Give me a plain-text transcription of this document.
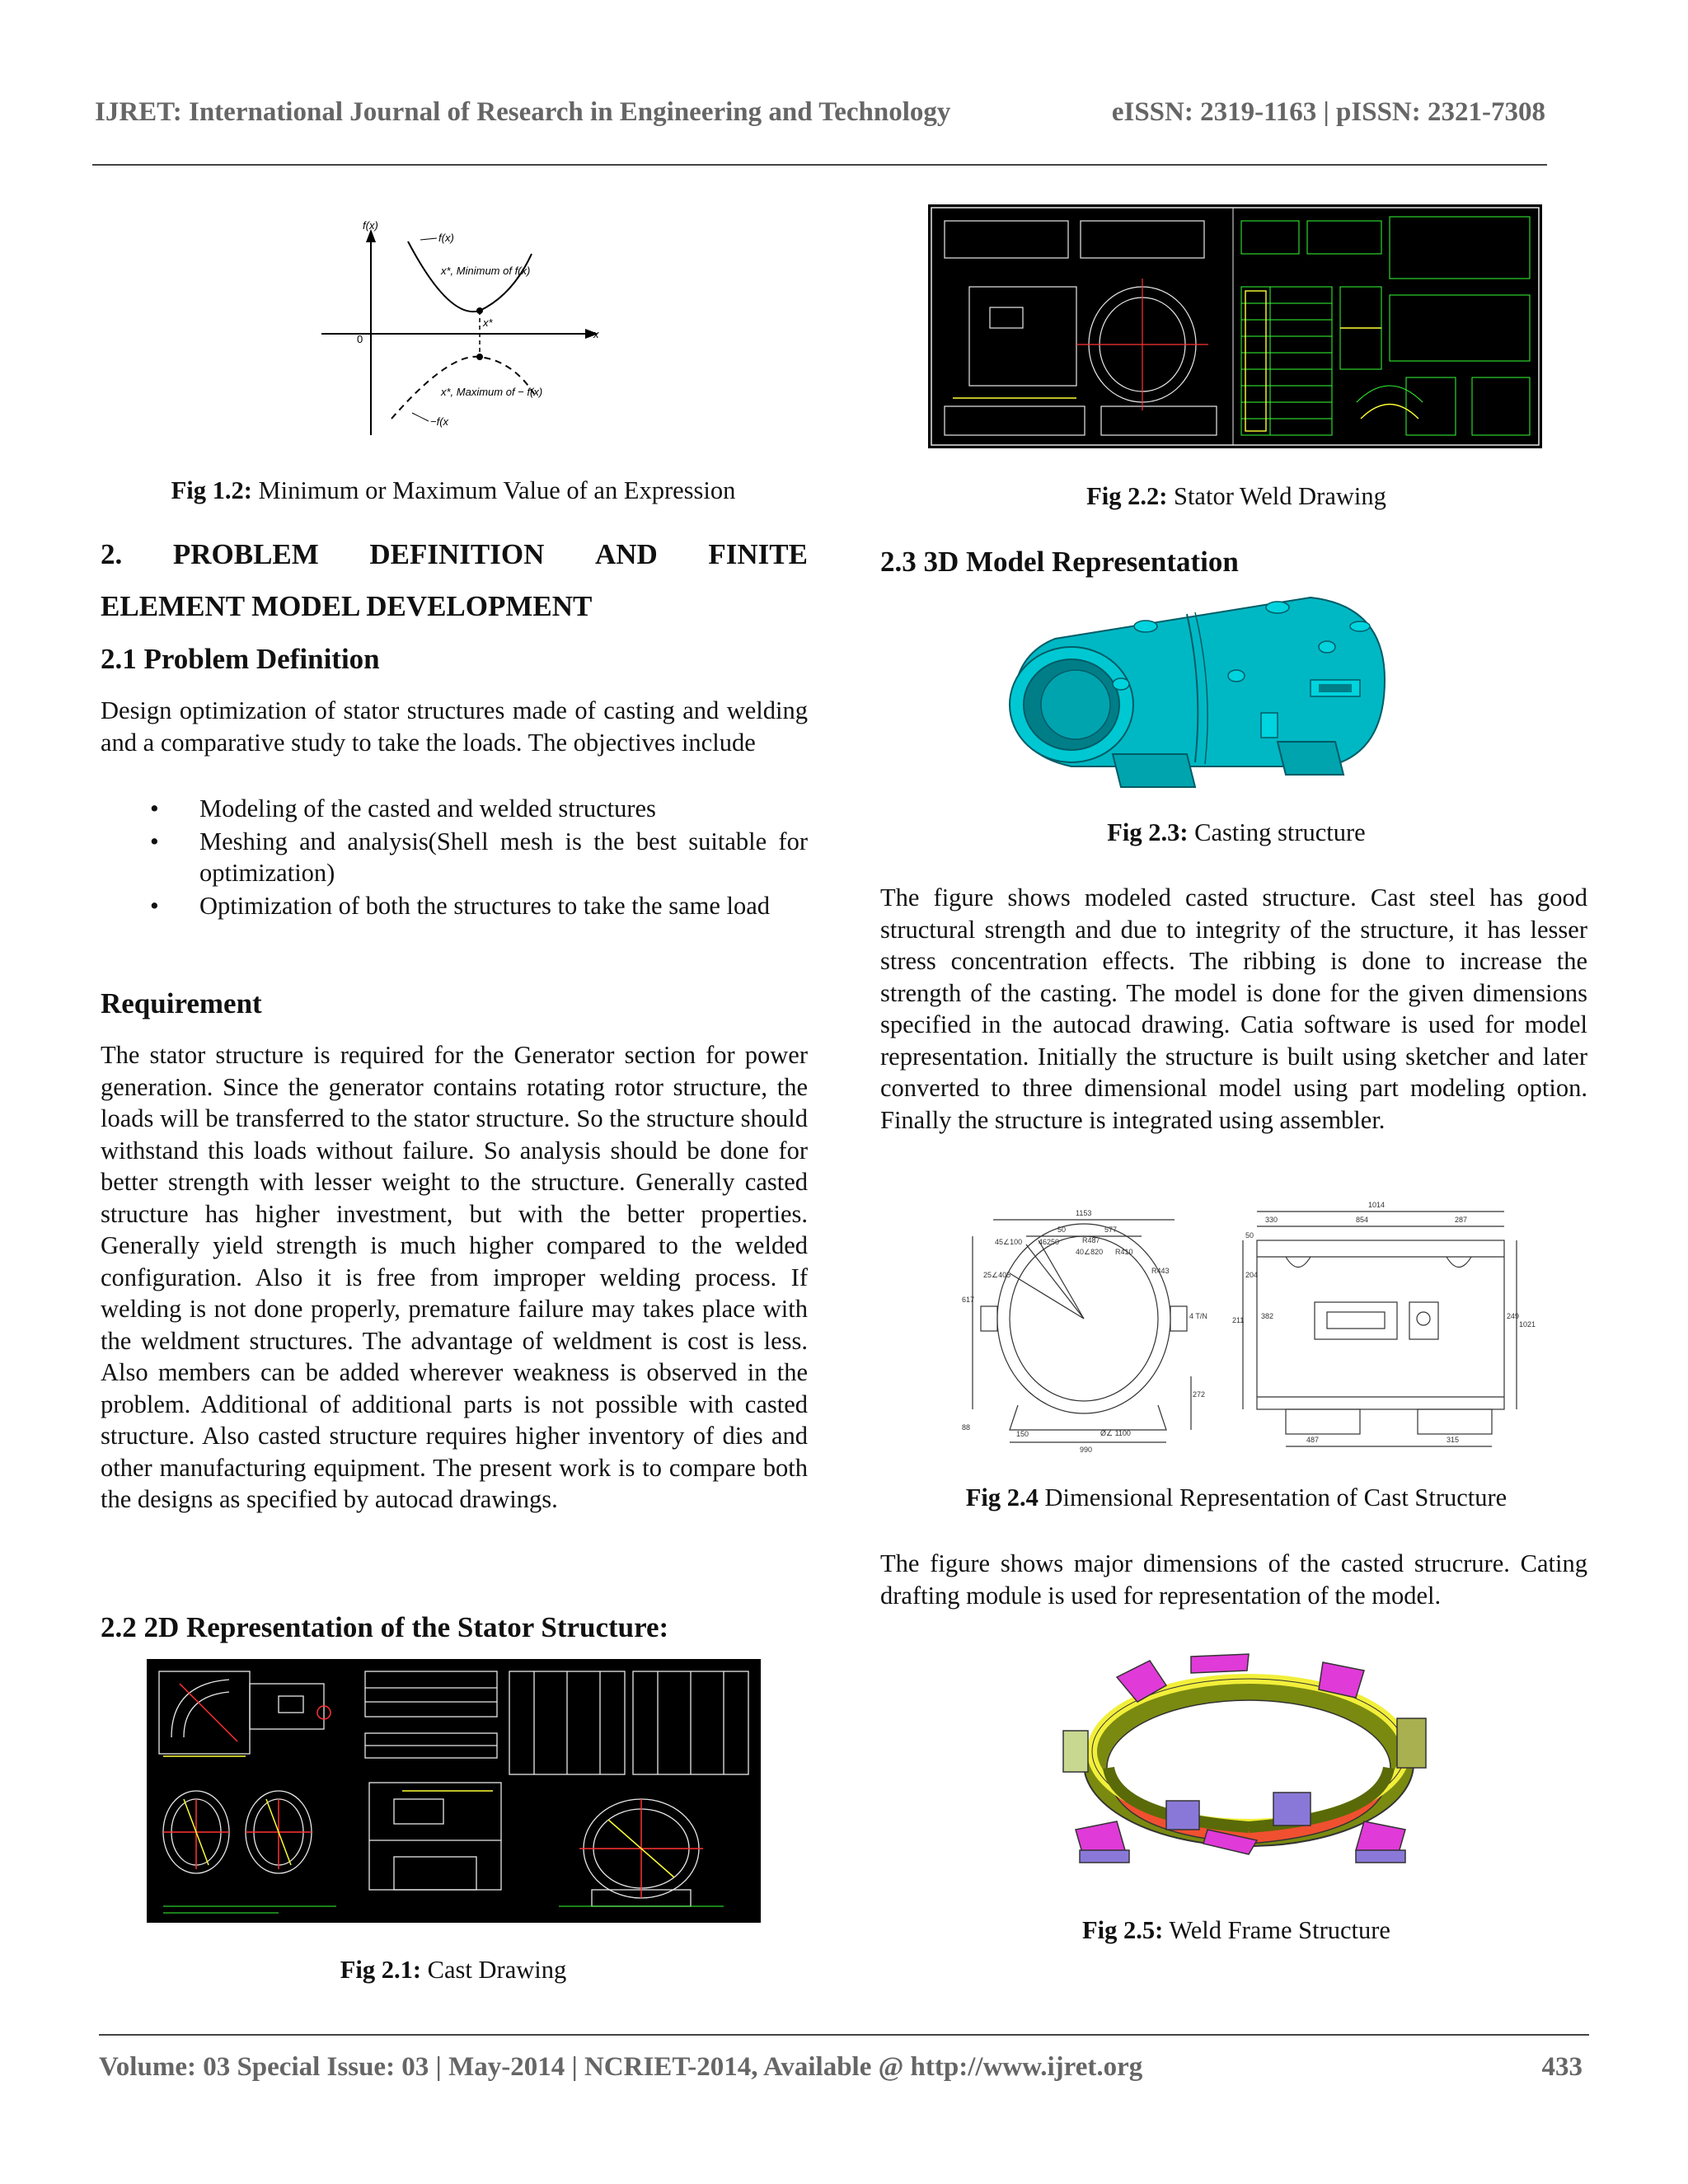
IJRET: International Journal of Research in Engineering and Technology	eISSN: 2319-1163 | pISSN: 2321-7308
f(x)
f(x)
x*, Minimum of f(x)
x*
0	x
x*, Maximum of − f(x)
−f(x
Fig 1.2: Minimum or Maximum Value of an Expression
2. PROBLEM DEFINITION AND FINITE
ELEMENT MODEL DEVELOPMENT
2.1 Problem Definition
Design optimization of stator structures made of casting and welding and a comparative study to take the loads. The objectives include
• Modeling of the casted and welded structures
• Meshing and analysis(Shell mesh is the best suitable for optimization)
• Optimization of both the structures to take the same load
Requirement
The stator structure is required for the Generator section for power generation. Since the generator contains rotating rotor structure, the loads will be transferred to the stator structure. So the structure should withstand this loads without failure. So analysis should be done for better strength with lesser weight to the structure. Generally casted structure has higher investment, but with the better properties. Generally yield strength is much higher compared to the welded configuration. Also it is free from improper welding process. If welding is not done properly, premature failure may takes place with the weldment structures. The advantage of weldment is cost is less. Also members can be added wherever weakness is observed in the problem. Additional of additional parts is not possible with casted structure. Also casted structure requires higher inventory of dies and other manufacturing equipment. The present work is to compare both the designs as specified by autocad drawings.
2.2 2D Representation of the Stator Structure:
Fig 2.1: Cast Drawing
Fig 2.2: Stator Weld Drawing
2.3 3D Model Representation
Fig 2.3: Casting structure
The figure shows modeled casted structure. Cast steel has good structural strength and due to integrity of the structure, it has lesser stress concentration effects. The ribbing is done to increase the strength of the casting. The model is done for the given dimensions specified in the autocad drawing. Catia software is used for model representation. Initially the structure is built using sketcher and later converted to three dimensional model using part modeling option. Finally the structure is integrated using assembler.
1153
50	577
45∠100 46250	R487
40∠820 R410
R443
617
25∠405
4 T/N
272
88
150	Ø∠ 1100
990
1014
330	854	287
50
204
211 382	249
1021
487	315
Fig 2.4 Dimensional Representation of Cast Structure
The figure shows major dimensions of the casted strucrure. Cating drafting module is used for representation of the model.
Fig 2.5: Weld Frame Structure
Volume: 03 Special Issue: 03 | May-2014 | NCRIET-2014, Available @ http://www.ijret.org	433
